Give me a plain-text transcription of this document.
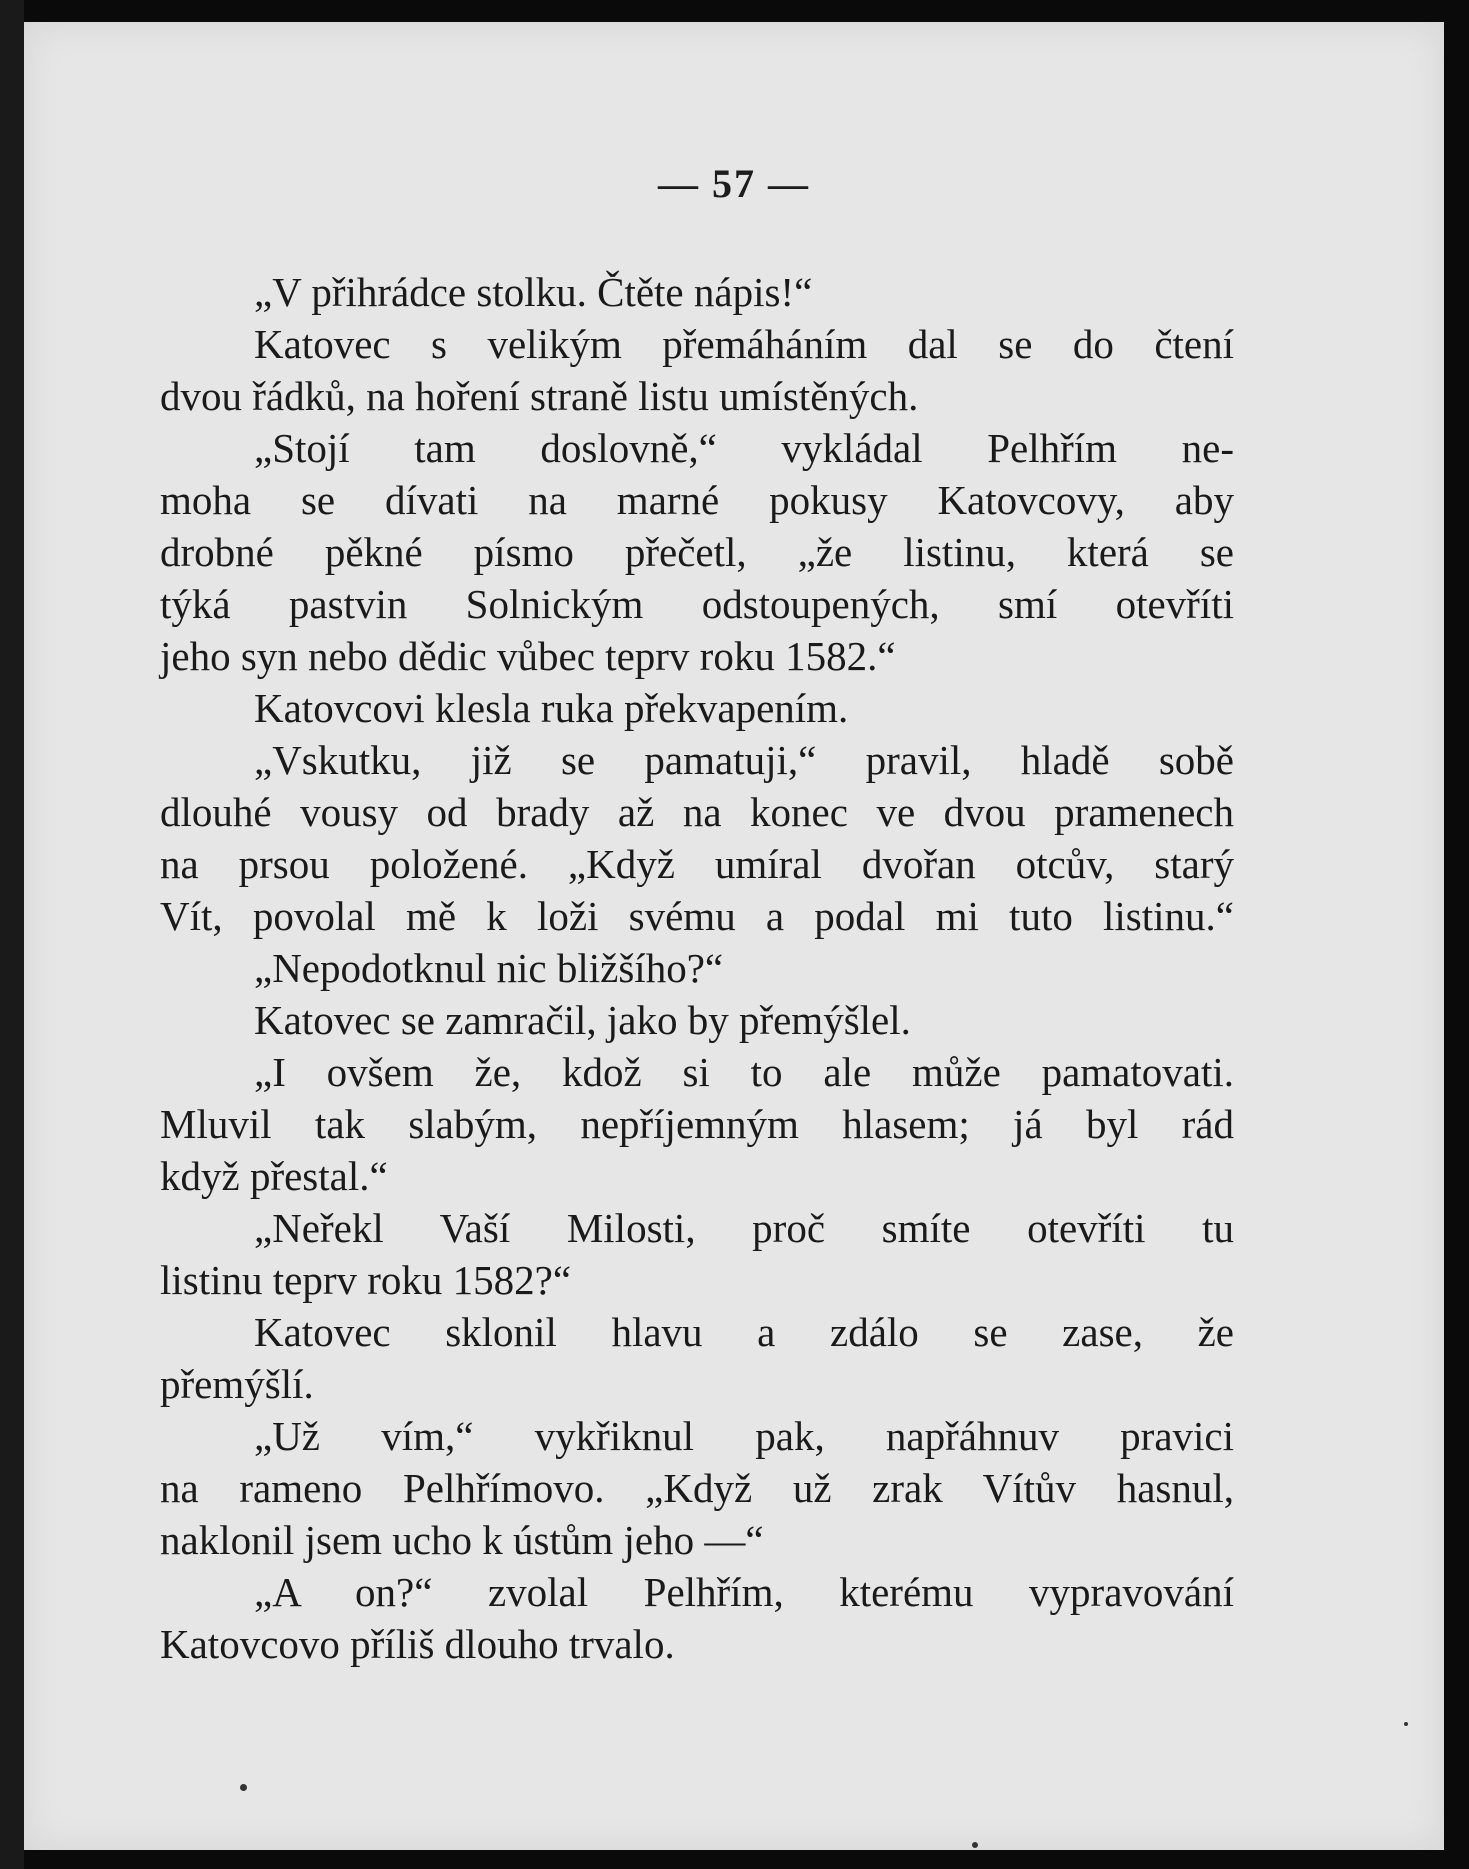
— 57 —
„V přihrádce stolku. Čtěte nápis!“
Katovec s velikým přemáháním dal se do čtení
dvou řádků, na hoření straně listu umístěných.
„Stojí tam doslovně,“ vykládal Pelhřím ne-
moha se dívati na marné pokusy Katovcovy, aby
drobné pěkné písmo přečetl, „že listinu, která se
týká pastvin Solnickým odstoupených, smí otevříti
jeho syn nebo dědic vůbec teprv roku 1582.“
Katovcovi klesla ruka překvapením.
„Vskutku, již se pamatuji,“ pravil, hladě sobě
dlouhé vousy od brady až na konec ve dvou pramenech
na prsou položené. „Když umíral dvořan otcův, starý
Vít, povolal mě k loži svému a podal mi tuto listinu.“
„Nepodotknul nic bližšího?“
Katovec se zamračil, jako by přemýšlel.
„I ovšem že, kdož si to ale může pamatovati.
Mluvil tak slabým, nepříjemným hlasem; já byl rád
když přestal.“
„Neřekl Vaší Milosti, proč smíte otevříti tu
listinu teprv roku 1582?“
Katovec sklonil hlavu a zdálo se zase, že
přemýšlí.
„Už vím,“ vykřiknul pak, napřáhnuv pravici
na rameno Pelhřímovo. „Když už zrak Vítův hasnul,
naklonil jsem ucho k ústům jeho —“
„A on?“ zvolal Pelhřím, kterému vypravování
Katovcovo příliš dlouho trvalo.
